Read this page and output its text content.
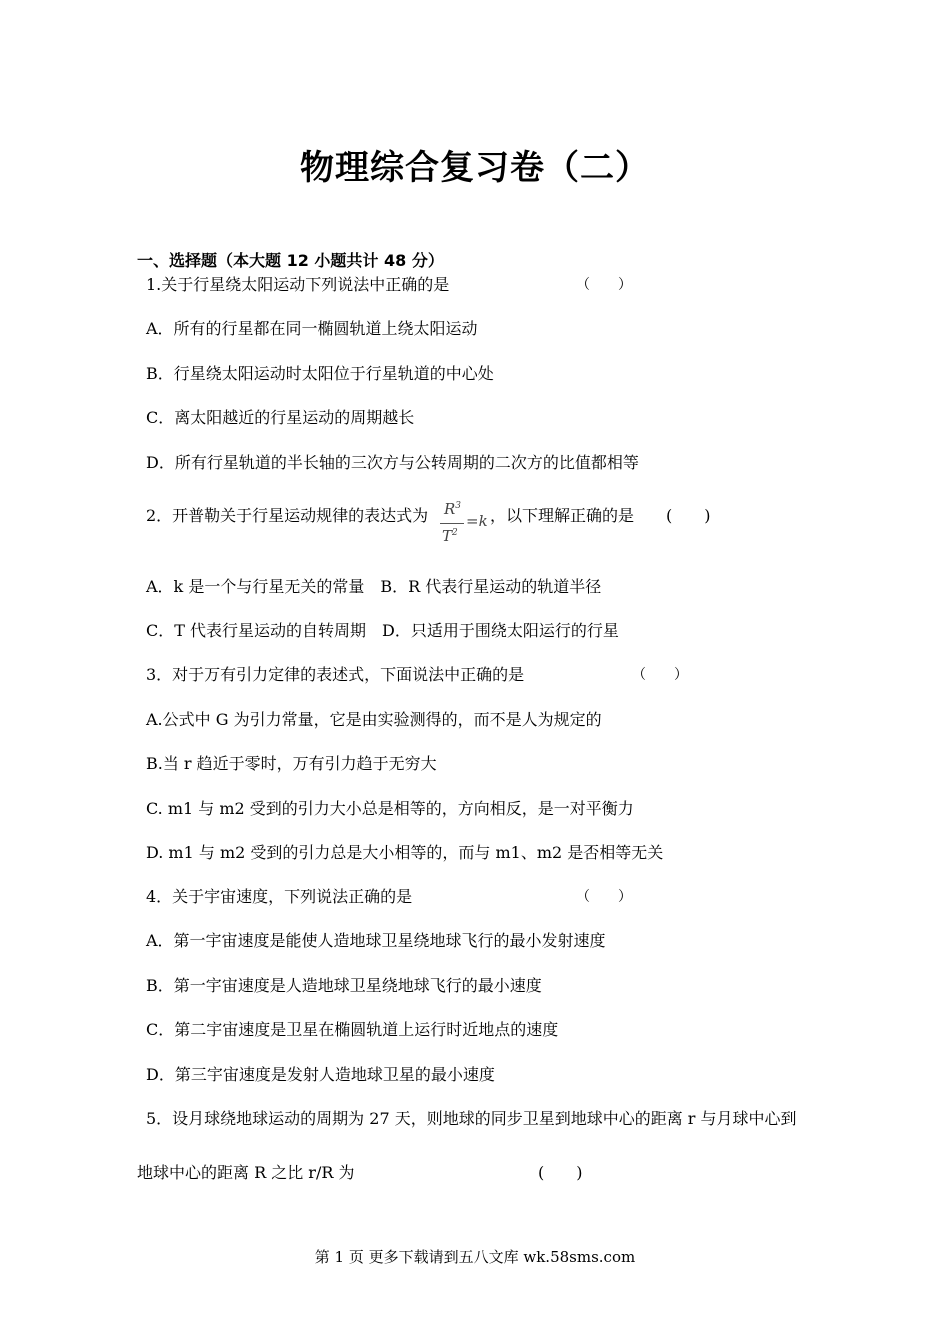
物理综合复习卷（二）
一、选择题（本大题 12 小题共计 48 分）
1.关于行星绕太阳运动下列说法中正确的是	（　　）
A．所有的行星都在同一椭圆轨道上绕太阳运动
B．行星绕太阳运动时太阳位于行星轨道的中心处
C．离太阳越近的行星运动的周期越长
D．所有行星轨道的半长轴的三次方与公转周期的二次方的比值都相等
2．开普勒关于行星运动规律的表达式为 $R^3$
$T^2$
=k ，以下理解正确的是 (　　)
A．k 是一个与行星无关的常量　B．R 代表行星运动的轨道半径
C．T 代表行星运动的自转周期　D．只适用于围绕太阳运行的行星
3．对于万有引力定律的表述式，下面说法中正确的是	（　　）
A.公式中 G 为引力常量，它是由实验测得的，而不是人为规定的
B.当 r 趋近于零时，万有引力趋于无穷大
C. m1 与 m2 受到的引力大小总是相等的，方向相反，是一对平衡力
D. m1 与 m2 受到的引力总是大小相等的，而与 m1、m2 是否相等无关
4．关于宇宙速度，下列说法正确的是	（　　）
A．第一宇宙速度是能使人造地球卫星绕地球飞行的最小发射速度
B．第一宇宙速度是人造地球卫星绕地球飞行的最小速度
C．第二宇宙速度是卫星在椭圆轨道上运行时近地点的速度
D．第三宇宙速度是发射人造地球卫星的最小速度
5．设月球绕地球运动的周期为 27 天，则地球的同步卫星到地球中心的距离 r 与月球中心到
地球中心的距离 R 之比 r/R 为	(　　)
第 1 页 更多下载请到五八文库 wk.58sms.com
